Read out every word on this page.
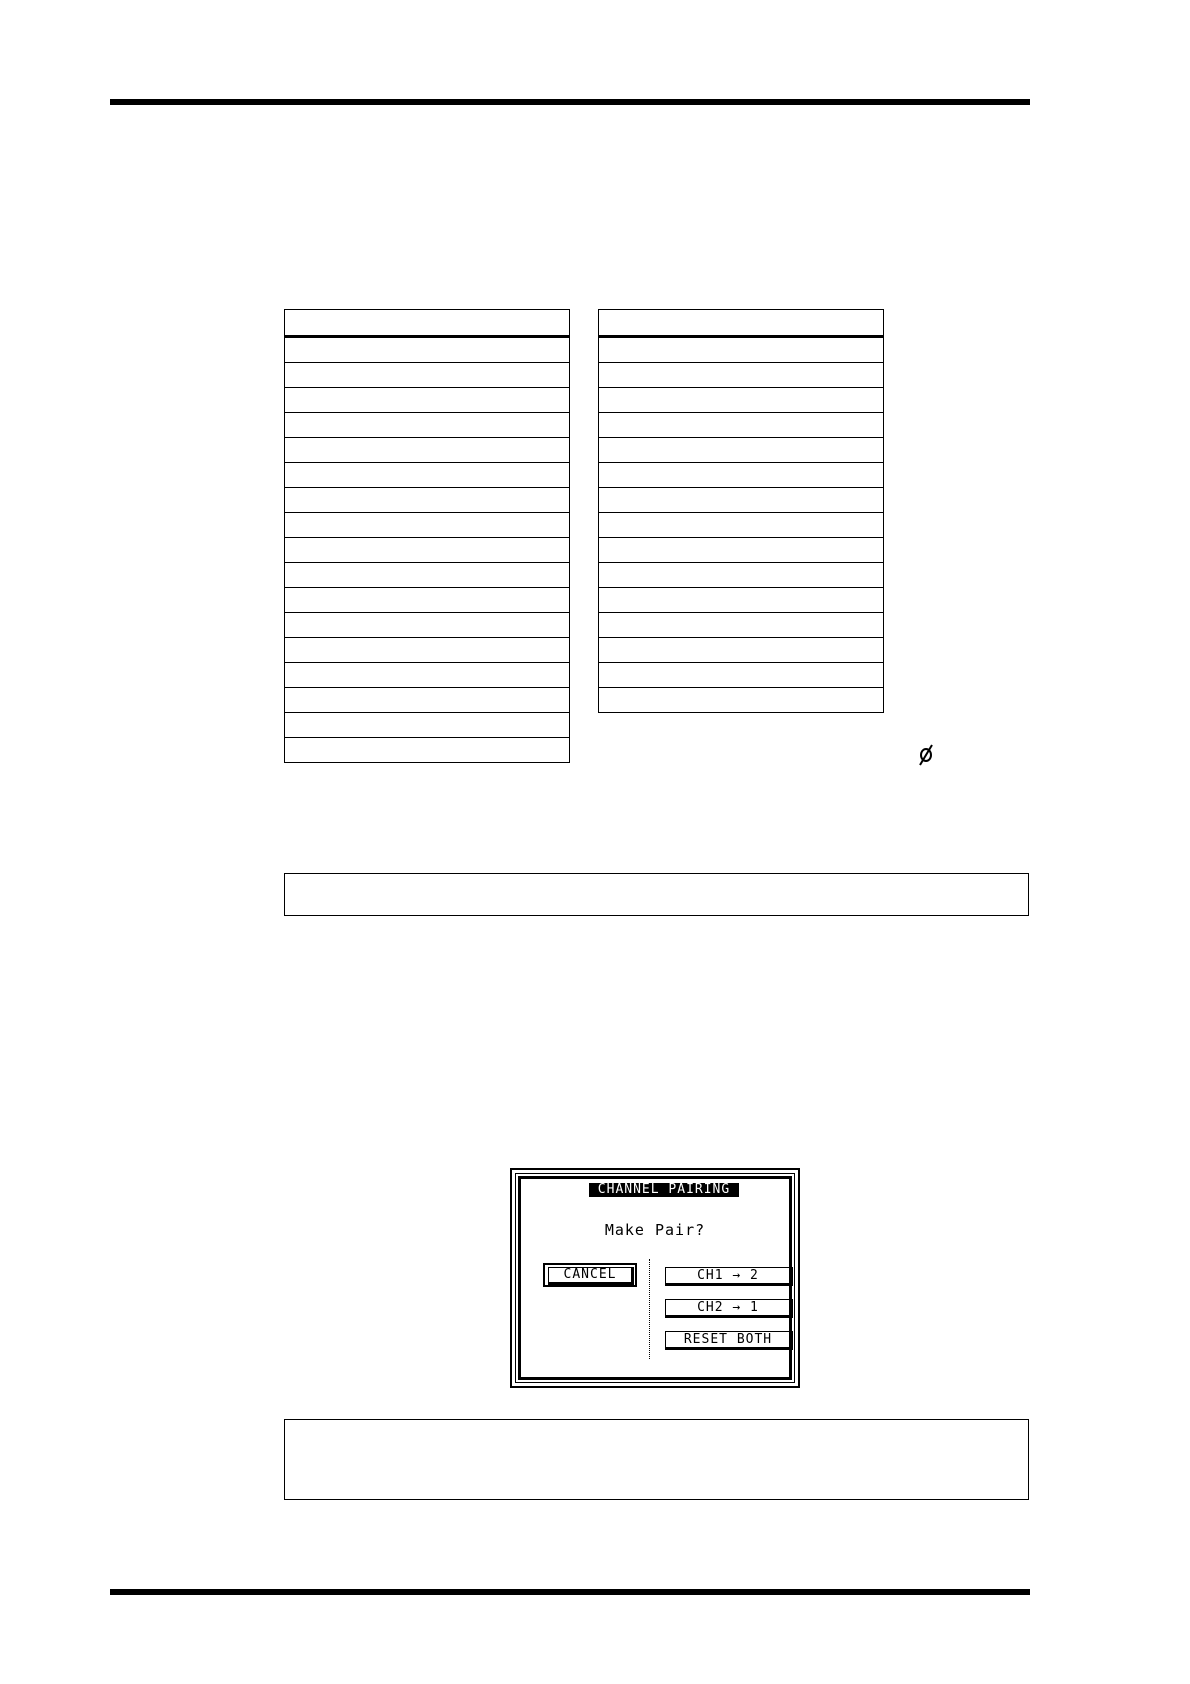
CHANNEL PAIRING
Make Pair?
CANCEL	CH1 → 2
CH2 → 1
RESET BOTH
